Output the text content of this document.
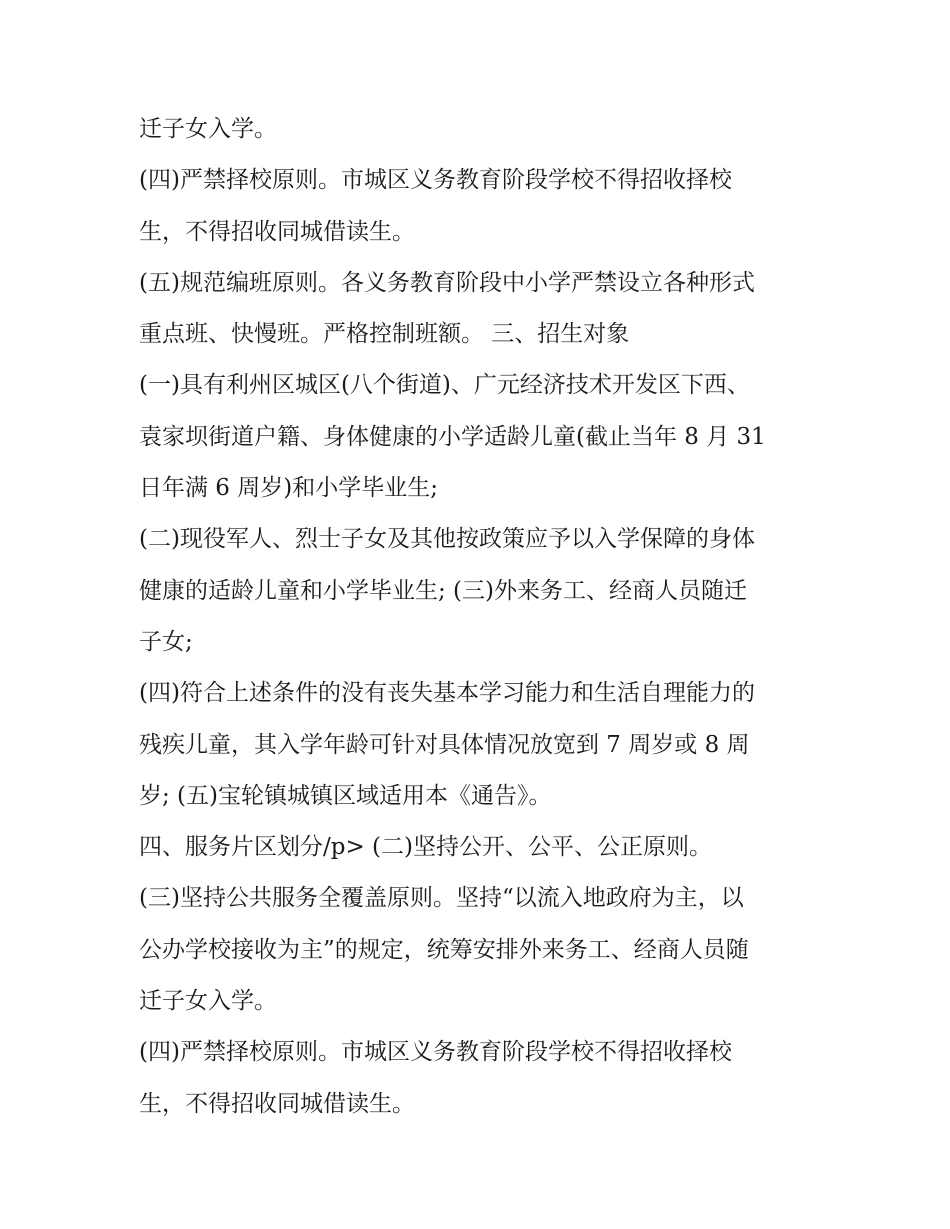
迁子女入学。
(四)严禁择校原则。市城区义务教育阶段学校不得招收择校
生，不得招收同城借读生。
(五)规范编班原则。各义务教育阶段中小学严禁设立各种形式
重点班、快慢班。严格控制班额。 三、招生对象
(一)具有利州区城区(八个街道)、广元经济技术开发区下西、
袁家坝街道户籍、身体健康的小学适龄儿童(截止当年 8 月 31
日年满 6 周岁)和小学毕业生;
(二)现役军人、烈士子女及其他按政策应予以入学保障的身体
健康的适龄儿童和小学毕业生; (三)外来务工、经商人员随迁
子女;
(四)符合上述条件的没有丧失基本学习能力和生活自理能力的
残疾儿童，其入学年龄可针对具体情况放宽到 7 周岁或 8 周
岁; (五)宝轮镇城镇区域适用本《通告》。
四、服务片区划分/p> (二)坚持公开、公平、公正原则。
(三)坚持公共服务全覆盖原则。坚持“以流入地政府为主，以
公办学校接收为主”的规定，统筹安排外来务工、经商人员随
迁子女入学。
(四)严禁择校原则。市城区义务教育阶段学校不得招收择校
生，不得招收同城借读生。
